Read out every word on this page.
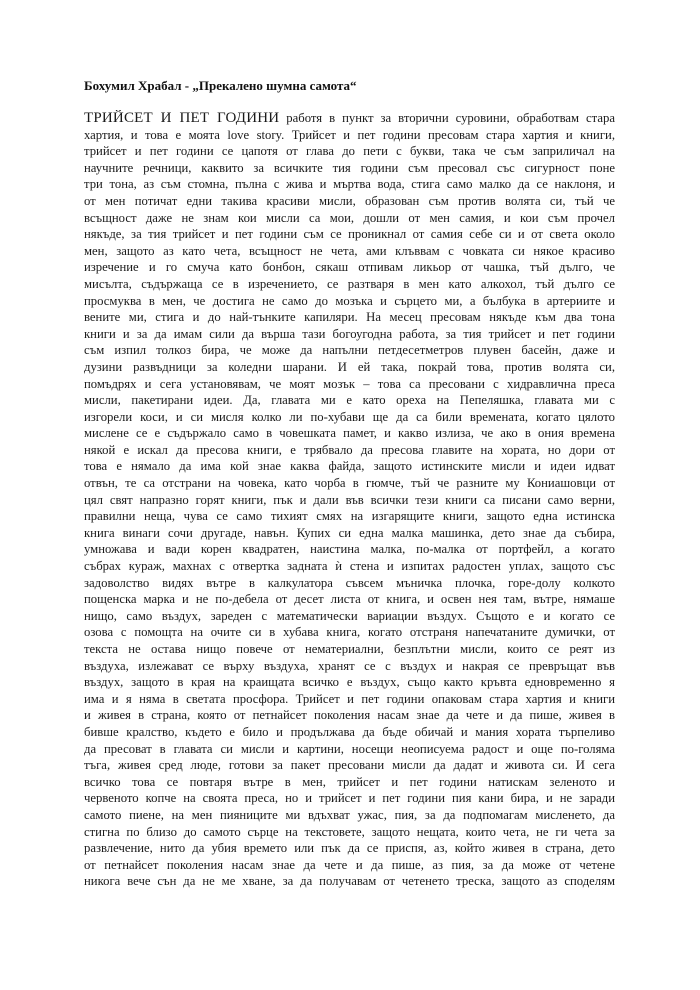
Бохумил Храбал - „Прекалено шумна самота“
ТРИЙСЕТ И ПЕТ ГОДИНИ работя в пункт за вторични суровини, обработвам стара
хартия, и това е моята love story. Трийсет и пет години пресовам стара хартия и книги,
трийсет и пет години се цапотя от глава до пети с букви, така че съм заприличал на
научните речници, каквито за всичките тия години съм пресовал със сигурност поне
три тона, аз съм стомна, пълна с жива и мъртва вода, стига само малко да се наклоня, и
от мен потичат едни такива красиви мисли, образован съм против волята си, тъй че
всъщност даже не знам кои мисли са мои, дошли от мен самия, и кои съм прочел
някъде, за тия трийсет и пет години съм се проникнал от самия себе си и от света около
мен, защото аз като чета, всъщност не чета, ами клъввам с човката си някое красиво
изречение и го смуча като бонбон, сякаш отпивам ликьор от чашка, тъй дълго, че
мисълта, съдържаща се в изречението, се разтваря в мен като алкохол, тъй дълго се
просмуква в мен, че достига не само до мозъка и сърцето ми, а бълбука в артериите и
вените ми, стига и до най-тънките капиляри. На месец пресовам някъде към два тона
книги и за да имам сили да върша тази богоугодна работа, за тия трийсет и пет години
съм изпил толкоз бира, че може да напълни петдесетметров плувен басейн, даже и
дузини развъдници за коледни шарани. И ей така, покрай това, против волята си,
помъдрях и сега установявам, че моят мозък – това са пресовани с хидравлична преса
мисли, пакетирани идеи. Да, главата ми е като ореха на Пепеляшка, главата ми с
изгорели коси, и си мисля колко ли по-хубави ще да са били времената, когато цялото
мислене се е съдържало само в човешката памет, и какво излиза, че ако в ония времена
някой е искал да пресова книги, е трябвало да пресова главите на хората, но дори от
това е нямало да има кой знае каква файда, защото истинските мисли и идеи идват
отвън, те са отстрани на човека, като чорба в гюмче, тъй че разните му Кониашовци от
цял свят напразно горят книги, пък и дали във всички тези книги са писани само верни,
правилни неща, чува се само тихият смях на изгарящите книги, защото една истинска
книга винаги сочи другаде, навън. Купих си една малка машинка, дето знае да събира,
умножава и вади корен квадратен, наистина малка, по-малка от портфейл, а когато
събрах кураж, махнах с отвертка задната ѝ стена и изпитах радостен уплах, защото със
задоволство видях вътре в калкулатора съвсем мъничка плочка, горе-долу колкото
пощенска марка и не по-дебела от десет листа от книга, и освен нея там, вътре, нямаше
нищо, само въздух, зареден с математически вариации въздух. Същото е и когато се
озова с помощта на очите си в хубава книга, когато отстраня напечатаните думички, от
текста не остава нищо повече от нематериални, безплътни мисли, които се реят из
въздуха, излежават се върху въздуха, хранят се с въздух и накрая се превръщат във
въздух, защото в края на краищата всичко е въздух, също както кръвта едновременно я
има и я няма в светата просфора. Трийсет и пет години опаковам стара хартия и книги
и живея в страна, която от петнайсет поколения насам знае да чете и да пише, живея в
бивше кралство, където е било и продължава да бъде обичай и мания хората търпеливо
да пресоват в главата си мисли и картини, носещи неописуема радост и още по-голяма
тъга, живея сред люде, готови за пакет пресовани мисли да дадат и живота си. И сега
всичко това се повтаря вътре в мен, трийсет и пет години натискам зеленото и
червеното копче на своята преса, но и трийсет и пет години пия кани бира, и не заради
самото пиене, на мен пияниците ми вдъхват ужас, пия, за да подпомагам мисленето, да
стигна по близо до самото сърце на текстовете, защото нещата, които чета, не ги чета за
развлечение, нито да убия времето или пък да се приспя, аз, който живея в страна, дето
от петнайсет поколения насам знае да чете и да пише, аз пия, за да може от четене
никога вече сън да не ме хване, за да получавам от четенето треска, защото аз споделям
